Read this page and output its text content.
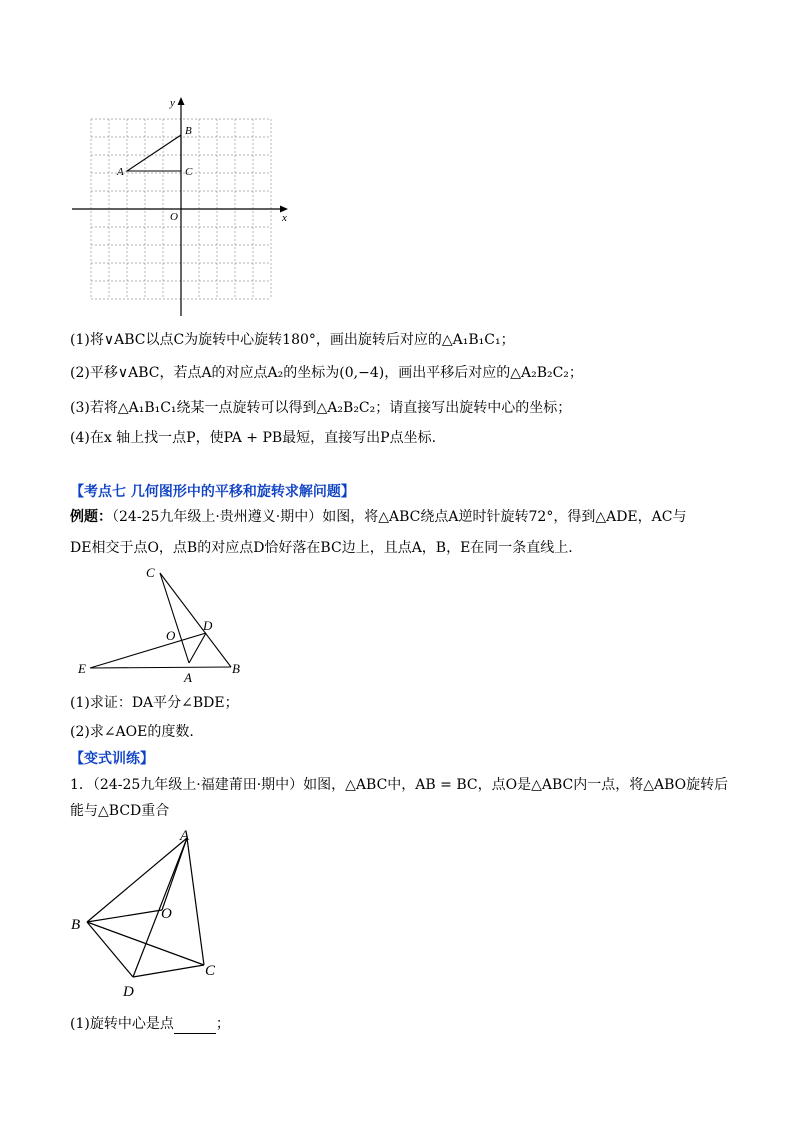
y
x
O
B
A	C
(1)将∨ABC以点C为旋转中心旋转180°，画出旋转后对应的△A₁B₁C₁；
(2)平移∨ABC，若点A的对应点A₂的坐标为(0,−4)，画出平移后对应的△A₂B₂C₂；
(3)若将△A₁B₁C₁绕某一点旋转可以得到△A₂B₂C₂；请直接写出旋转中心的坐标；
(4)在x 轴上找一点P，使PA + PB最短，直接写出P点坐标.
【考点七 几何图形中的平移和旋转求解问题】
例题：（24-25九年级上·贵州遵义·期中）如图，将△ABC绕点A逆时针旋转72°，得到△ADE，AC与
DE相交于点O，点B的对应点D恰好落在BC边上，且点A，B，E在同一条直线上.
C
O
D
E
A
B
(1)求证：DA平分∠BDE；
(2)求∠AOE的度数.
【变式训练】
1．（24-25九年级上·福建莆田·期中）如图，△ABC中，AB = BC，点O是△ABC内一点，将△ABO旋转后
能与△BCD重合
A
B
O
C
D
(1)旋转中心是点	；
